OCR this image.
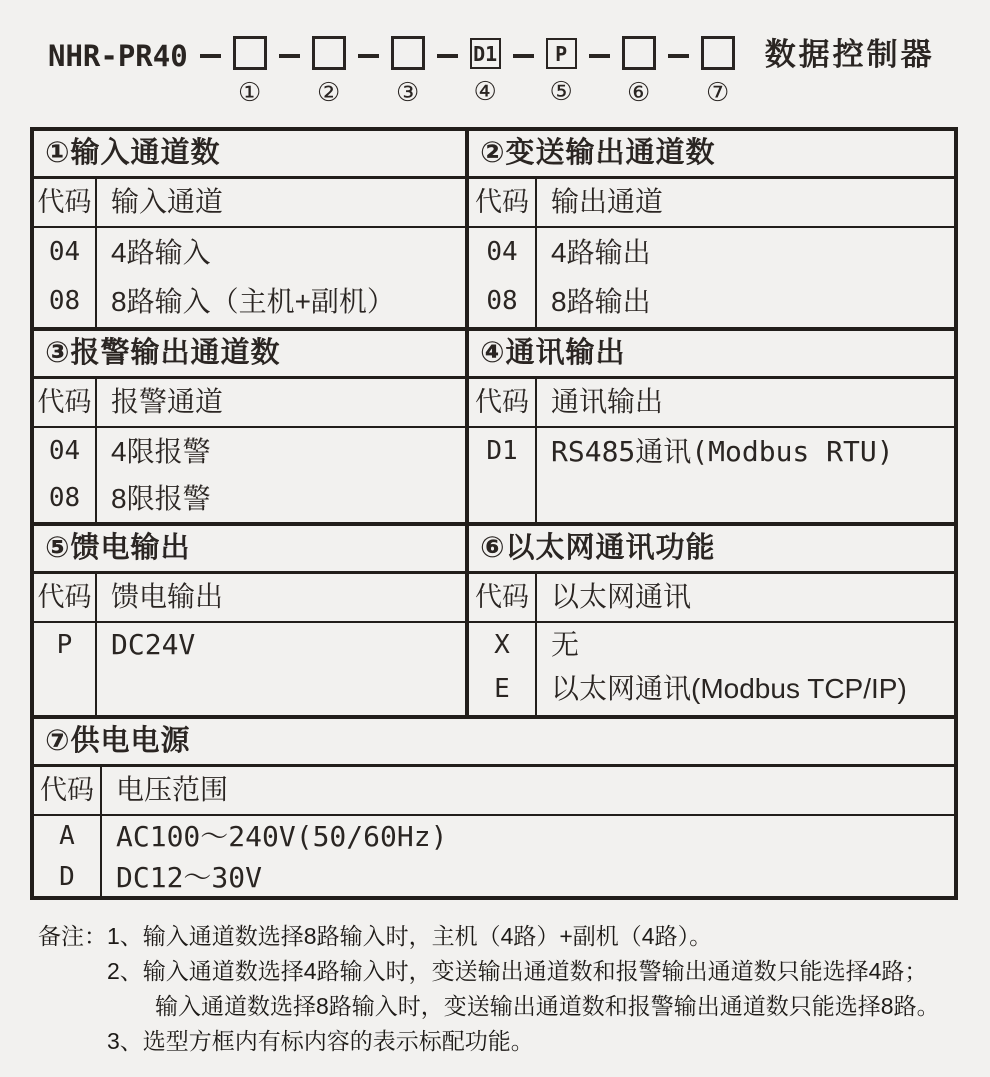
NHR-PR40
① ② ③
D1
④
P
⑤ ⑥ ⑦
数据控制器
①输入通道数
代码 输入通道
04
08
4路输入
8路输入（主机+副机）
②变送输出通道数
代码 输出通道
04
08
4路输出
8路输出
③报警输出通道数
代码 报警通道
04
08
4限报警
8限报警
④通讯输出
代码 通讯输出
D1	RS485通讯(Modbus RTU)
⑤馈电输出
代码 馈电输出
P	DC24V
⑥以太网通讯功能
代码 以太网通讯
X
E
无
以太网通讯(Modbus TCP/IP)
⑦供电电源
代码 电压范围
A
D
AC100～240V(50/60Hz)
DC12～30V
备注：1、输入通道数选择8路输入时，主机（4路）+副机（4路）。
2、输入通道数选择4路输入时，变送输出通道数和报警输出通道数只能选择4路；
输入通道数选择8路输入时，变送输出通道数和报警输出通道数只能选择8路。
3、选型方框内有标内容的表示标配功能。
